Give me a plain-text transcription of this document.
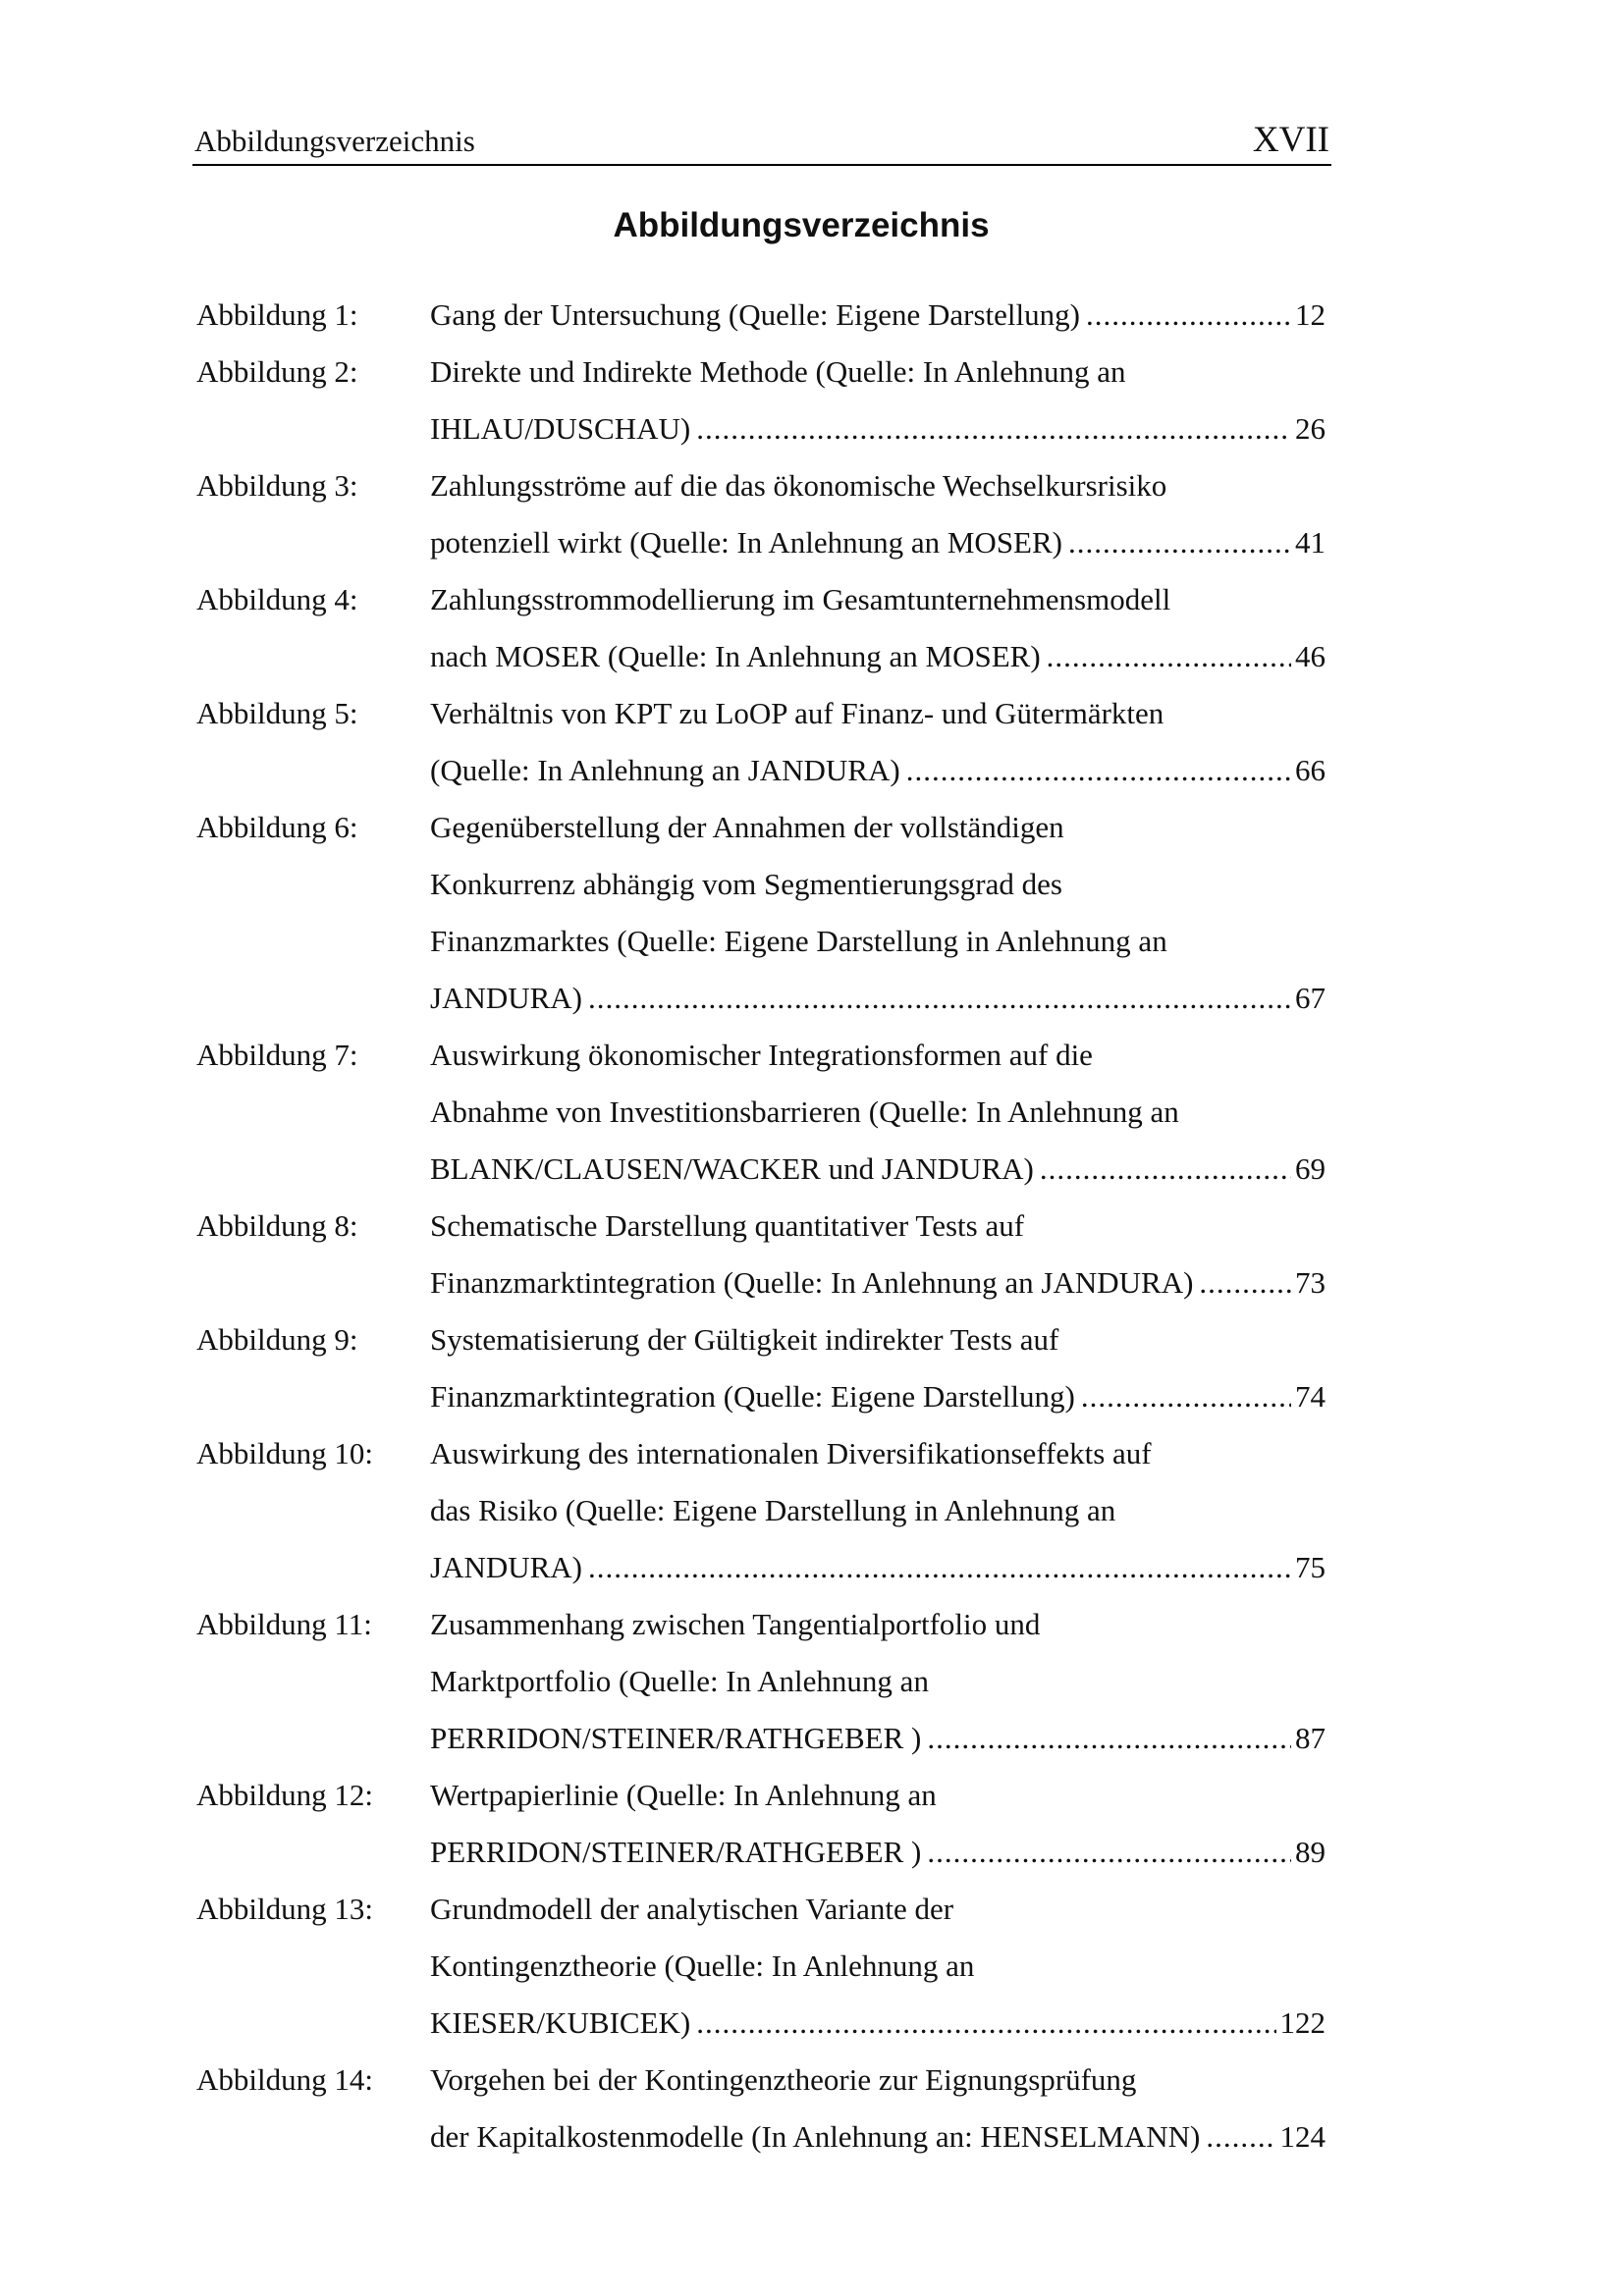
Abbildungsverzeichnis	XVII
Abbildungsverzeichnis
Abbildung 1: Gang der Untersuchung (Quelle: Eigene Darstellung) .....	12
Abbildung 2: Direkte und Indirekte Methode (Quelle: In Anlehnung an
IHLAU/DUSCHAU) .....	26
Abbildung 3: Zahlungsströme auf die das ökonomische Wechselkursrisiko
potenziell wirkt (Quelle: In Anlehnung an MOSER) .....	41
Abbildung 4: Zahlungsstrommodellierung im Gesamtunternehmensmodell
nach MOSER (Quelle: In Anlehnung an MOSER) .....	46
Abbildung 5: Verhältnis von KPT zu LoOP auf Finanz- und Gütermärkten
(Quelle: In Anlehnung an JANDURA) .....	66
Abbildung 6: Gegenüberstellung der Annahmen der vollständigen
Konkurrenz abhängig vom Segmentierungsgrad des
Finanzmarktes (Quelle: Eigene Darstellung in Anlehnung an
JANDURA) .....	67
Abbildung 7: Auswirkung ökonomischer Integrationsformen auf die
Abnahme von Investitionsbarrieren (Quelle: In Anlehnung an
BLANK/CLAUSEN/WACKER und JANDURA) .....	69
Abbildung 8: Schematische Darstellung quantitativer Tests auf
Finanzmarktintegration (Quelle: In Anlehnung an JANDURA) .....	73
Abbildung 9: Systematisierung der Gültigkeit indirekter Tests auf
Finanzmarktintegration (Quelle: Eigene Darstellung) .....	74
Abbildung 10: Auswirkung des internationalen Diversifikationseffekts auf
das Risiko (Quelle: Eigene Darstellung in Anlehnung an
JANDURA) .....	75
Abbildung 11: Zusammenhang zwischen Tangentialportfolio und
Marktportfolio (Quelle: In Anlehnung an
PERRIDON/STEINER/RATHGEBER ) .....	87
Abbildung 12: Wertpapierlinie (Quelle: In Anlehnung an
PERRIDON/STEINER/RATHGEBER ) .....	89
Abbildung 13: Grundmodell der analytischen Variante der
Kontingenztheorie (Quelle: In Anlehnung an
KIESER/KUBICEK) .....	122
Abbildung 14: Vorgehen bei der Kontingenztheorie zur Eignungsprüfung
der Kapitalkostenmodelle (In Anlehnung an: HENSELMANN) .....	124
